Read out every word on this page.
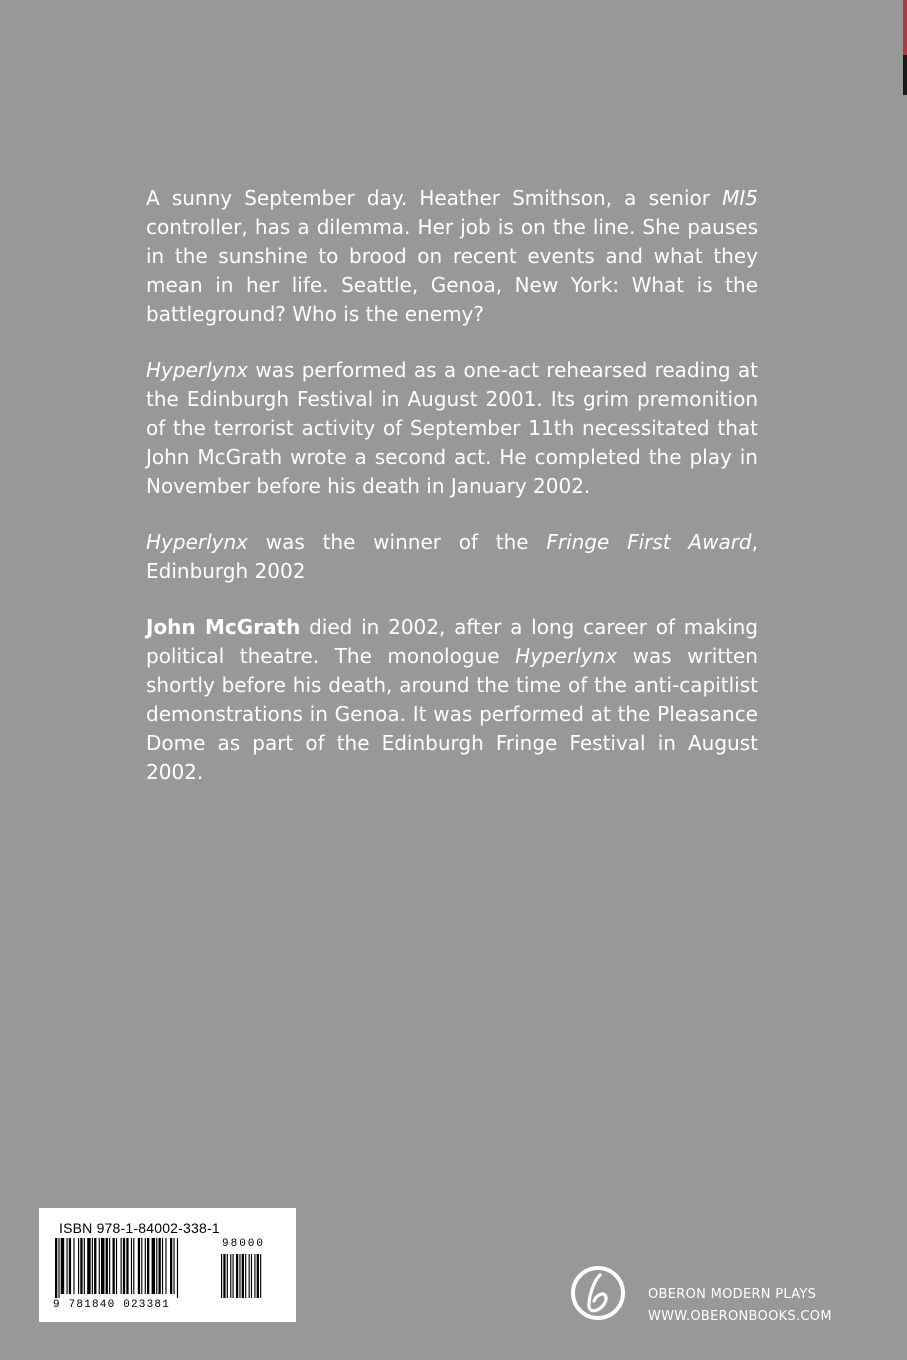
A sunny September day. Heather Smithson, a senior MI5 controller, has a dilemma. Her job is on the line. She pauses in the sunshine to brood on recent events and what they mean in her life. Seattle, Genoa, New York: What is the battleground? Who is the enemy?

Hyperlynx was performed as a one-act rehearsed reading at the Edinburgh Festival in August 2001. Its grim premonition of the terrorist activity of September 11th necessitated that John McGrath wrote a second act. He completed the play in November before his death in January 2002.

Hyperlynx was the winner of the Fringe First Award, Edinburgh 2002

John McGrath died in 2002, after a long career of making political theatre. The monologue Hyperlynx was written shortly before his death, around the time of the anti-capitlist demonstrations in Genoa. It was performed at the Pleasance Dome as part of the Edinburgh Fringe Festival in August 2002.

ISBN 978-1-84002-338-1
98000
9 781840 023381
OBERON MODERN PLAYS
WWW.OBERONBOOKS.COM
